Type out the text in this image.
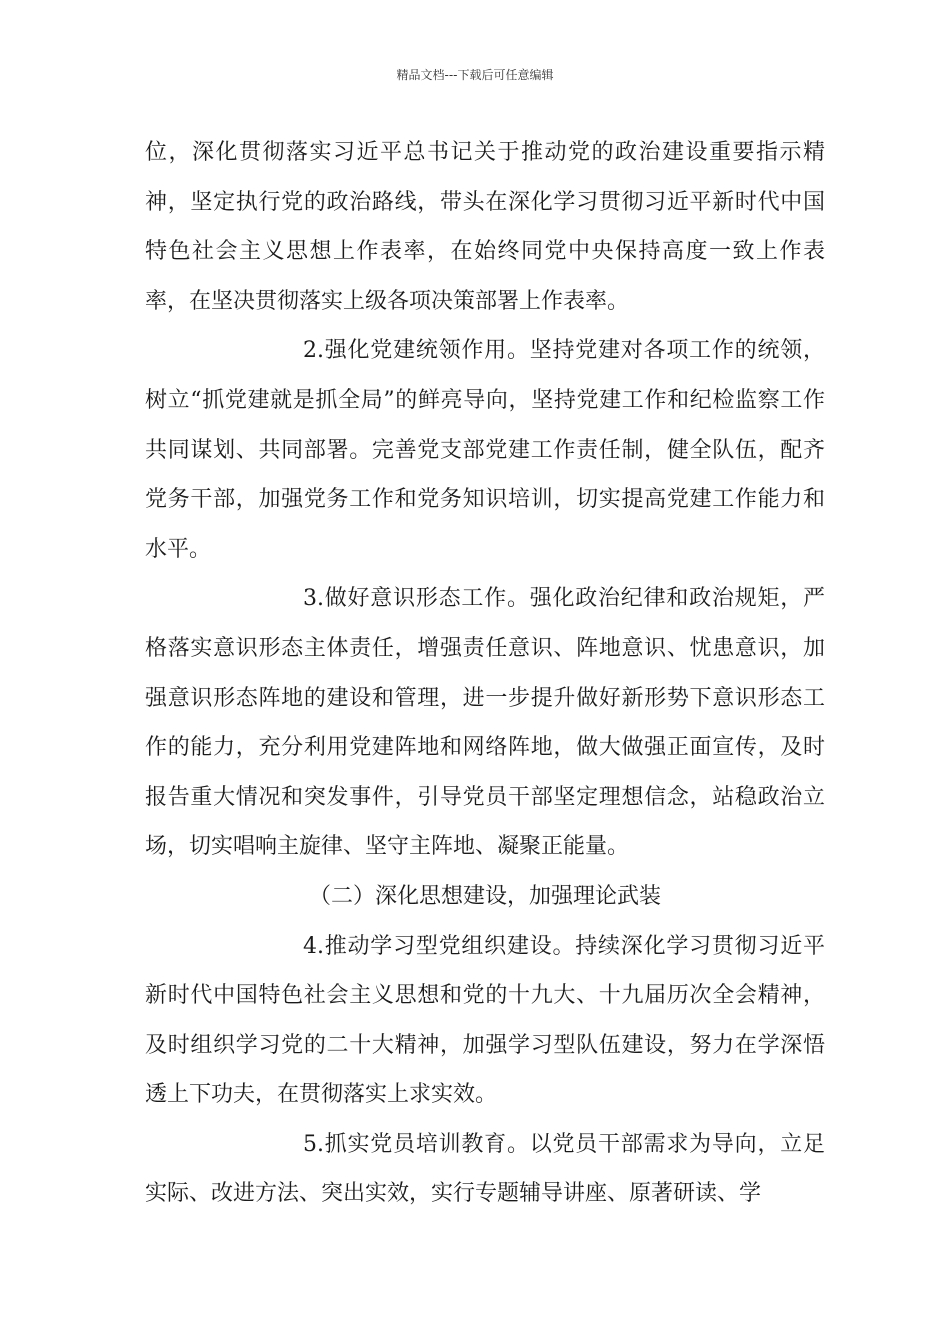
精品文档---下载后可任意编辑

位，深化贯彻落实习近平总书记关于推动党的政治建设重要指示精神，坚定执行党的政治路线，带头在深化学习贯彻习近平新时代中国特色社会主义思想上作表率，在始终同党中央保持高度一致上作表率，在坚决贯彻落实上级各项决策部署上作表率。

2.强化党建统领作用。坚持党建对各项工作的统领，树立“抓党建就是抓全局”的鲜亮导向，坚持党建工作和纪检监察工作共同谋划、共同部署。完善党支部党建工作责任制，健全队伍，配齐党务干部，加强党务工作和党务知识培训，切实提高党建工作能力和水平。

3.做好意识形态工作。强化政治纪律和政治规矩，严格落实意识形态主体责任，增强责任意识、阵地意识、忧患意识，加强意识形态阵地的建设和管理，进一步提升做好新形势下意识形态工作的能力，充分利用党建阵地和网络阵地，做大做强正面宣传，及时报告重大情况和突发事件，引导党员干部坚定理想信念，站稳政治立场，切实唱响主旋律、坚守主阵地、凝聚正能量。

（二）深化思想建设，加强理论武装

4.推动学习型党组织建设。持续深化学习贯彻习近平新时代中国特色社会主义思想和党的十九大、十九届历次全会精神，及时组织学习党的二十大精神，加强学习型队伍建设，努力在学深悟透上下功夫，在贯彻落实上求实效。

5.抓实党员培训教育。以党员干部需求为导向，立足实际、改进方法、突出实效，实行专题辅导讲座、原著研读、学
